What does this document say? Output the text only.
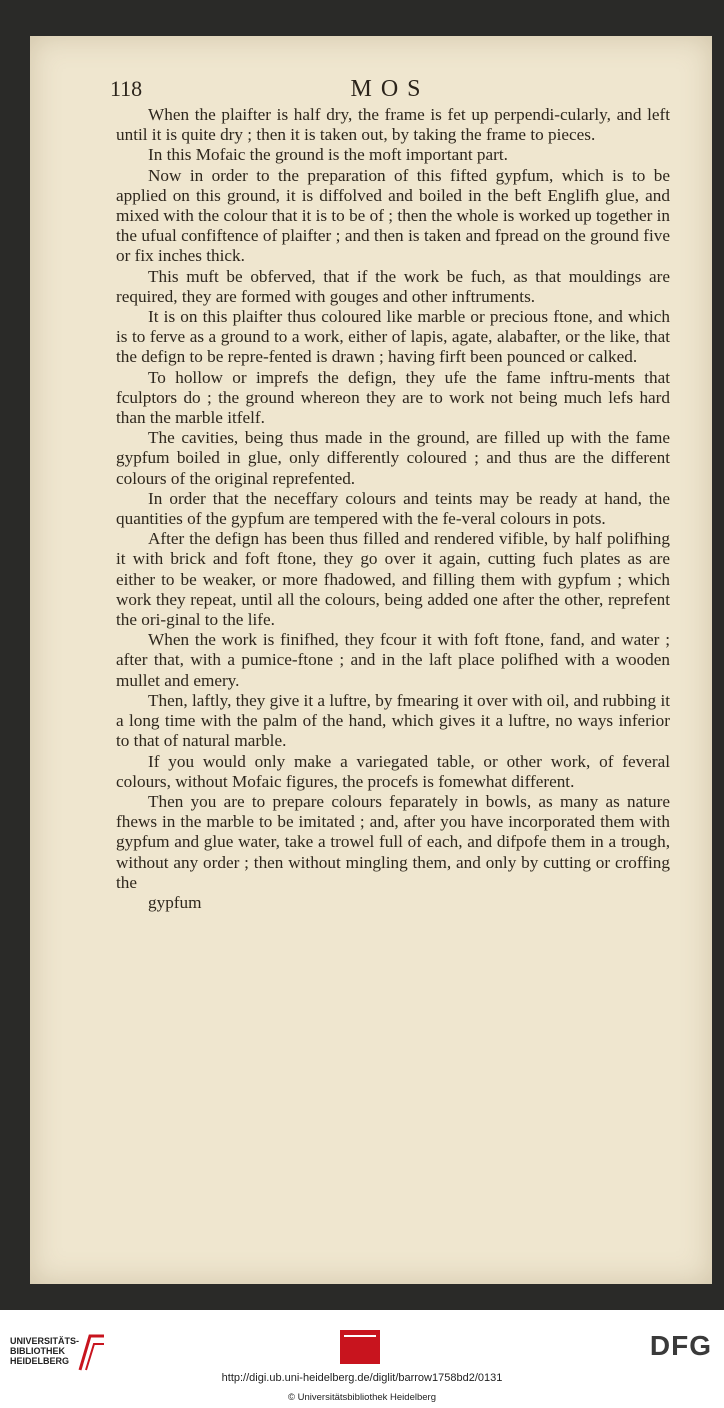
118	MOS

When the plaifter is half dry, the frame is fet up perpendi-cularly, and left until it is quite dry ; then it is taken out, by taking the frame to pieces.

In this Mofaic the ground is the moft important part.

Now in order to the preparation of this fifted gypfum, which is to be applied on this ground, it is diffolved and boiled in the beft Englifh glue, and mixed with the colour that it is to be of ; then the whole is worked up together in the ufual confiftence of plaifter ; and then is taken and fpread on the ground five or fix inches thick.

This muft be obferved, that if the work be fuch, as that mouldings are required, they are formed with gouges and other inftruments.

It is on this plaifter thus coloured like marble or precious ftone, and which is to ferve as a ground to a work, either of lapis, agate, alabafter, or the like, that the defign to be repre-fented is drawn ; having firft been pounced or calked.

To hollow or imprefs the defign, they ufe the fame inftru-ments that fculptors do ; the ground whereon they are to work not being much lefs hard than the marble itfelf.

The cavities, being thus made in the ground, are filled up with the fame gypfum boiled in glue, only differently coloured ; and thus are the different colours of the original reprefented.

In order that the neceffary colours and teints may be ready at hand, the quantities of the gypfum are tempered with the fe-veral colours in pots.

After the defign has been thus filled and rendered vifible, by half polifhing it with brick and foft ftone, they go over it again, cutting fuch plates as are either to be weaker, or more fhadowed, and filling them with gypfum ; which work they repeat, until all the colours, being added one after the other, reprefent the ori-ginal to the life.

When the work is finifhed, they fcour it with foft ftone, fand, and water ; after that, with a pumice-ftone ; and in the laft place polifhed with a wooden mullet and emery.

Then, laftly, they give it a luftre, by fmearing it over with oil, and rubbing it a long time with the palm of the hand, which gives it a luftre, no ways inferior to that of natural marble.

If you would only make a variegated table, or other work, of feveral colours, without Mofaic figures, the procefs is fomewhat different.

Then you are to prepare colours feparately in bowls, as many as nature fhews in the marble to be imitated ; and, after you have incorporated them with gypfum and glue water, take a trowel full of each, and difpofe them in a trough, without any order ; then without mingling them, and only by cutting or croffing the

gypfum

UNIVERSITÄTS-
BIBLIOTHEK
HEIDELBERG	DFG
http://digi.ub.uni-heidelberg.de/diglit/barrow1758bd2/0131
© Universitätsbibliothek Heidelberg
